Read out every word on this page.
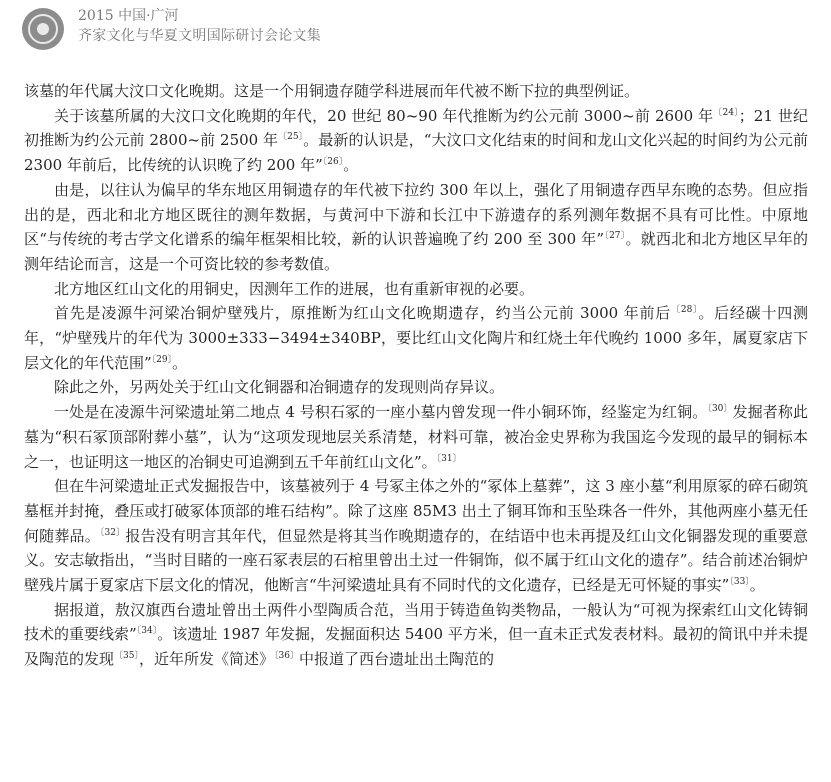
2015 中国·广河
齐家文化与华夏文明国际研讨会论文集

该墓的年代属大汶口文化晚期。这是一个用铜遗存随学科进展而年代被不断下拉的典型例证。

关于该墓所属的大汶口文化晚期的年代，20 世纪 80~90 年代推断为约公元前 3000~前 2600 年$^{〔24〕}$；21 世纪初推断为约公元前 2800~前 2500 年$^{〔25〕}$。最新的认识是，“大汶口文化结束的时间和龙山文化兴起的时间约为公元前 2300 年前后，比传统的认识晚了约 200 年”$^{〔26〕}$。

由是，以往认为偏早的华东地区用铜遗存的年代被下拉约 300 年以上，强化了用铜遗存西早东晚的态势。但应指出的是，西北和北方地区既往的测年数据，与黄河中下游和长江中下游遗存的系列测年数据不具有可比性。中原地区“与传统的考古学文化谱系的编年框架相比较，新的认识普遍晚了约 200 至 300 年”$^{〔27〕}$。就西北和北方地区早年的测年结论而言，这是一个可资比较的参考数值。

北方地区红山文化的用铜史，因测年工作的进展，也有重新审视的必要。

首先是凌源牛河梁冶铜炉壁残片，原推断为红山文化晚期遗存，约当公元前 3000 年前后$^{〔28〕}$。后经碳十四测年，“炉壁残片的年代为 3000±333−3494±340BP，要比红山文化陶片和红烧土年代晚约 1000 多年，属夏家店下层文化的年代范围”$^{〔29〕}$。

除此之外，另两处关于红山文化铜器和冶铜遗存的发现则尚存异议。

一处是在凌源牛河梁遗址第二地点 4 号积石冢的一座小墓内曾发现一件小铜环饰，经鉴定为红铜。$^{〔30〕}$发掘者称此墓为“积石冢顶部附葬小墓”，认为“这项发现地层关系清楚，材料可靠，被冶金史界称为我国迄今发现的最早的铜标本之一，也证明这一地区的冶铜史可追溯到五千年前红山文化”。$^{〔31〕}$

但在牛河梁遗址正式发掘报告中，该墓被列于 4 号冢主体之外的“冢体上墓葬”，这 3 座小墓“利用原冢的碎石砌筑墓框并封掩，叠压或打破冢体顶部的堆石结构”。除了这座 85M3 出土了铜耳饰和玉坠珠各一件外，其他两座小墓无任何随葬品。$^{〔32〕}$报告没有明言其年代，但显然是将其当作晚期遗存的，在结语中也未再提及红山文化铜器发现的重要意义。安志敏指出，“当时目睹的一座石冢表层的石棺里曾出土过一件铜饰，似不属于红山文化的遗存”。结合前述冶铜炉壁残片属于夏家店下层文化的情况，他断言“牛河梁遗址具有不同时代的文化遗存，已经是无可怀疑的事实”$^{〔33〕}$。

据报道，敖汉旗西台遗址曾出土两件小型陶质合范，当用于铸造鱼钩类物品，一般认为“可视为探索红山文化铸铜技术的重要线索”$^{〔34〕}$。该遗址 1987 年发掘，发掘面积达 5400 平方米，但一直未正式发表材料。最初的简讯中并未提及陶范的发现$^{〔35〕}$，近年所发《简述》$^{〔36〕}$中报道了西台遗址出土陶范的
